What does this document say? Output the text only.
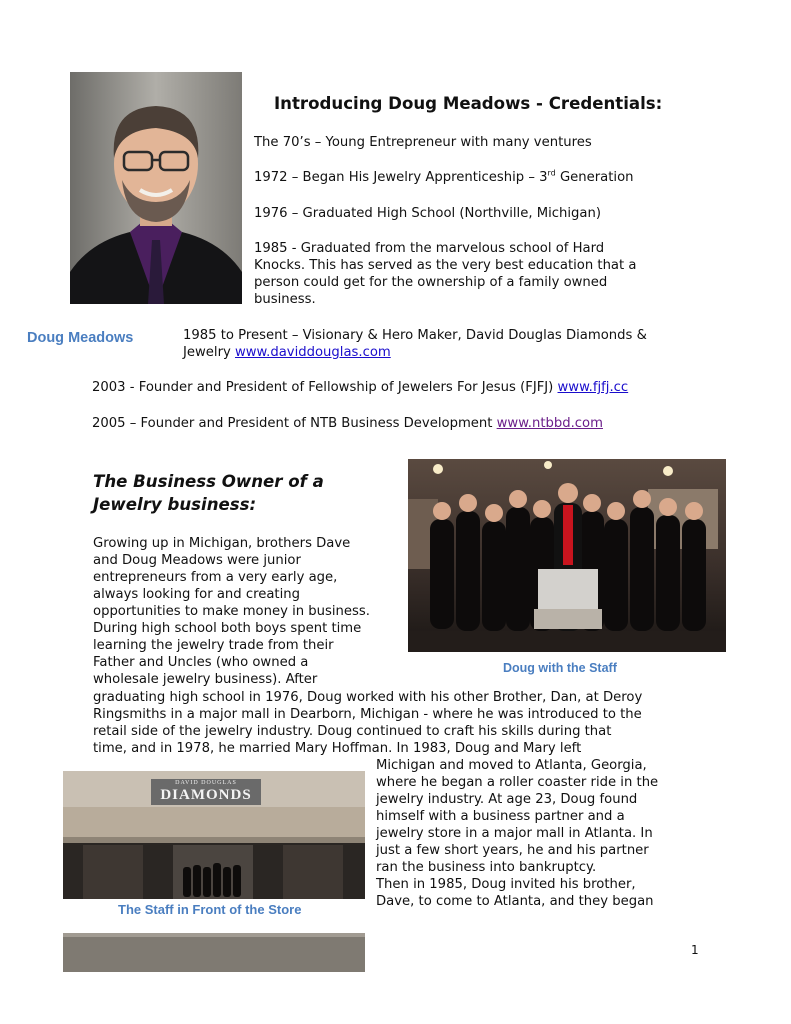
Introducing Doug Meadows - Credentials:
The 70’s – Young Entrepreneur with many ventures
1972 – Began His Jewelry Apprenticeship – 3rd Generation
1976 – Graduated High School (Northville, Michigan)
1985 - Graduated from the marvelous school of Hard
Knocks. This has served as the very best education that a
person could get for the ownership of a family owned
business.
Doug Meadows	1985 to Present – Visionary & Hero Maker, David Douglas Diamonds &
Jewelry www.daviddouglas.com
2003 - Founder and President of Fellowship of Jewelers For Jesus (FJFJ) www.fjfj.cc
2005 – Founder and President of NTB Business Development www.ntbbd.com
The Business Owner of a
Jewelry business:
Doug with the Staff
Growing up in Michigan, brothers Dave
and Doug Meadows were junior
entrepreneurs from a very early age,
always looking for and creating
opportunities to make money in business.
During high school both boys spent time
learning the jewelry trade from their
Father and Uncles (who owned a
wholesale jewelry business). After
graduating high school in 1976, Doug worked with his other Brother, Dan, at Deroy
Ringsmiths in a major mall in Dearborn, Michigan - where he was introduced to the
retail side of the jewelry industry. Doug continued to craft his skills during that
time, and in 1978, he married Mary Hoffman. In 1983, Doug and Mary left
DAVID DOUGLAS
DIAMONDS
The Staff in Front of the Store
Michigan and moved to Atlanta, Georgia,
where he began a roller coaster ride in the
jewelry industry. At age 23, Doug found
himself with a business partner and a
jewelry store in a major mall in Atlanta. In
just a few short years, he and his partner
ran the business into bankruptcy.
Then in 1985, Doug invited his brother,
Dave, to come to Atlanta, and they began
1
